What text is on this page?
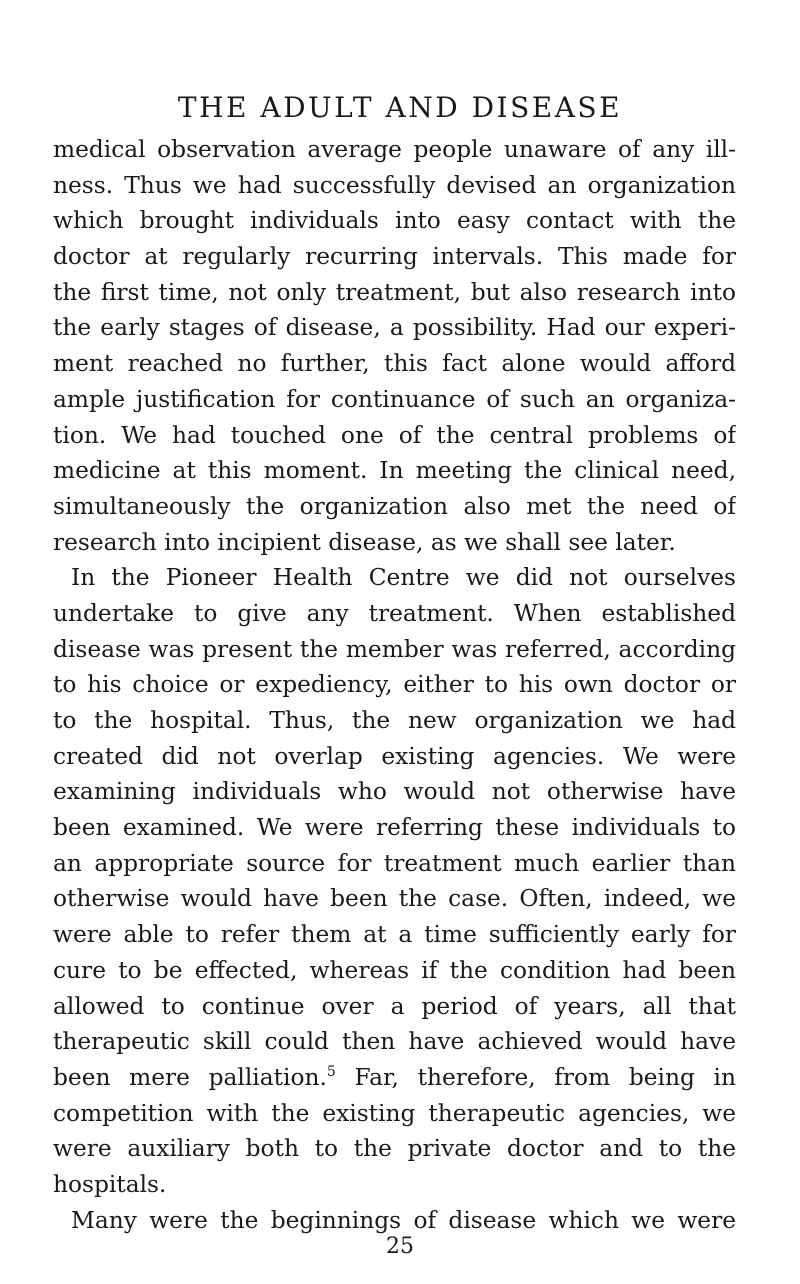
THE ADULT AND DISEASE
medical observation average people unaware of any ill-
ness. Thus we had successfully devised an organization
which brought individuals into easy contact with the
doctor at regularly recurring intervals. This made for
the first time, not only treatment, but also research into
the early stages of disease, a possibility. Had our experi-
ment reached no further, this fact alone would afford
ample justification for continuance of such an organiza-
tion. We had touched one of the central problems of
medicine at this moment. In meeting the clinical need,
simultaneously the organization also met the need of
research into incipient disease, as we shall see later.
In the Pioneer Health Centre we did not ourselves
undertake to give any treatment. When established
disease was present the member was referred, according
to his choice or expediency, either to his own doctor or
to the hospital. Thus, the new organization we had
created did not overlap existing agencies. We were
examining individuals who would not otherwise have
been examined. We were referring these individuals to
an appropriate source for treatment much earlier than
otherwise would have been the case. Often, indeed, we
were able to refer them at a time sufficiently early for
cure to be effected, whereas if the condition had been
allowed to continue over a period of years, all that
therapeutic skill could then have achieved would have
been mere palliation.$^5$ Far, therefore, from being in
competition with the existing therapeutic agencies, we
were auxiliary both to the private doctor and to the
hospitals.
Many were the beginnings of disease which we were
25
